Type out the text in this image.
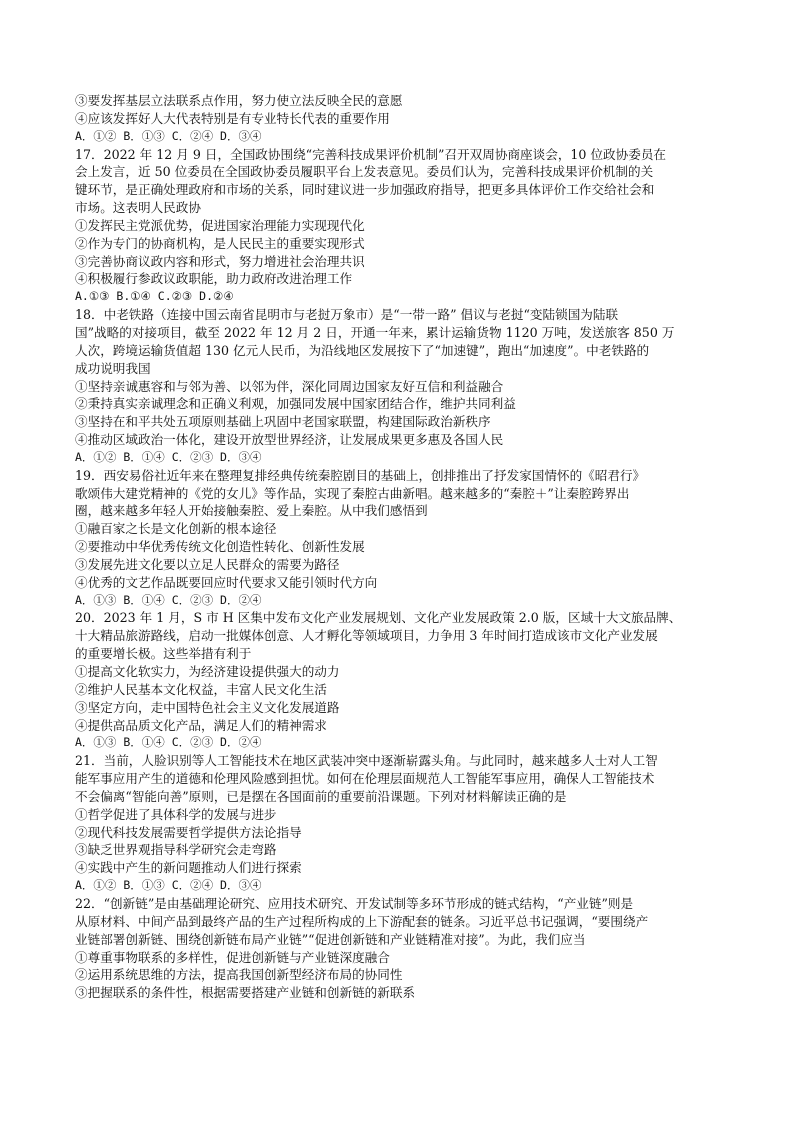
③要发挥基层立法联系点作用，努力使立法反映全民的意愿
④应该发挥好人大代表特别是有专业特长代表的重要作用
A．①② B．①③ C．②④ D．③④
17．2022 年 12 月 9 日，全国政协围绕“完善科技成果评价机制”召开双周协商座谈会，10 位政协委员在
会上发言，近 50 位委员在全国政协委员履职平台上发表意见。委员们认为，完善科技成果评价机制的关
键环节，是正确处理政府和市场的关系，同时建议进一步加强政府指导，把更多具体评价工作交给社会和
市场。这表明人民政协
①发挥民主党派优势，促进国家治理能力实现现代化
②作为专门的协商机构，是人民民主的重要实现形式
③完善协商议政内容和形式，努力增进社会治理共识
④积极履行参政议政职能，助力政府改进治理工作
A.①③ B.①④ C.②③ D.②④
18．中老铁路（连接中国云南省昆明市与老挝万象市）是“一带一路” 倡议与老挝“变陆锁国为陆联
国”战略的对接项目，截至 2022 年 12 月 2 日，开通一年来，累计运输货物 1120 万吨，发送旅客 850 万
人次，跨境运输货值超 130 亿元人民币，为沿线地区发展按下了“加速键”，跑出“加速度”。中老铁路的
成功说明我国
①坚持亲诚惠容和与邻为善、以邻为伴，深化同周边国家友好互信和利益融合
②秉持真实亲诚理念和正确义利观，加强同发展中国家团结合作，维护共同利益
③坚持在和平共处五项原则基础上巩固中老国家联盟，构建国际政治新秩序
④推动区域政治一体化，建设开放型世界经济，让发展成果更多惠及各国人民
A．①② B．①④ C．②③ D．③④
19．西安易俗社近年来在整理复排经典传统秦腔剧目的基础上，创排推出了抒发家国情怀的《昭君行》
歌颂伟大建党精神的《党的女儿》等作品，实现了秦腔古曲新唱。越来越多的“秦腔＋”让秦腔跨界出
圈，越来越多年轻人开始接触秦腔、爱上秦腔。从中我们感悟到
①融百家之长是文化创新的根本途径
②要推动中华优秀传统文化创造性转化、创新性发展
③发展先进文化要以立足人民群众的需要为路径
④优秀的文艺作品既要回应时代要求又能引领时代方向
A．①③ B．①④ C．②③ D．②④
20．2023 年 1 月，S 市 H 区集中发布文化产业发展规划、文化产业发展政策 2.0 版，区域十大文旅品牌、
十大精品旅游路线，启动一批媒体创意、人才孵化等领域项目，力争用 3 年时间打造成该市文化产业发展
的重要增长极。这些举措有利于
①提高文化软实力，为经济建设提供强大的动力
②维护人民基本文化权益，丰富人民文化生活
③坚定方向，走中国特色社会主义文化发展道路
④提供高品质文化产品，满足人们的精神需求
A．①③ B．①④ C．②③ D．②④
21．当前，人脸识别等人工智能技术在地区武装冲突中逐渐崭露头角。与此同时，越来越多人士对人工智
能军事应用产生的道德和伦理风险感到担忧。如何在伦理层面规范人工智能军事应用，确保人工智能技术
不会偏离“智能向善”原则，已是摆在各国面前的重要前沿课题。下列对材料解读正确的是
①哲学促进了具体科学的发展与进步
②现代科技发展需要哲学提供方法论指导
③缺乏世界观指导科学研究会走弯路
④实践中产生的新问题推动人们进行探索
A．①② B．①③ C．②④ D．③④
22．“创新链”是由基础理论研究、应用技术研究、开发试制等多环节形成的链式结构，“产业链”则是
从原材料、中间产品到最终产品的生产过程所构成的上下游配套的链条。习近平总书记强调，“要围绕产
业链部署创新链、围绕创新链布局产业链”“促进创新链和产业链精准对接”。为此，我们应当
①尊重事物联系的多样性，促进创新链与产业链深度融合
②运用系统思维的方法，提高我国创新型经济布局的协同性
③把握联系的条件性，根据需要搭建产业链和创新链的新联系
